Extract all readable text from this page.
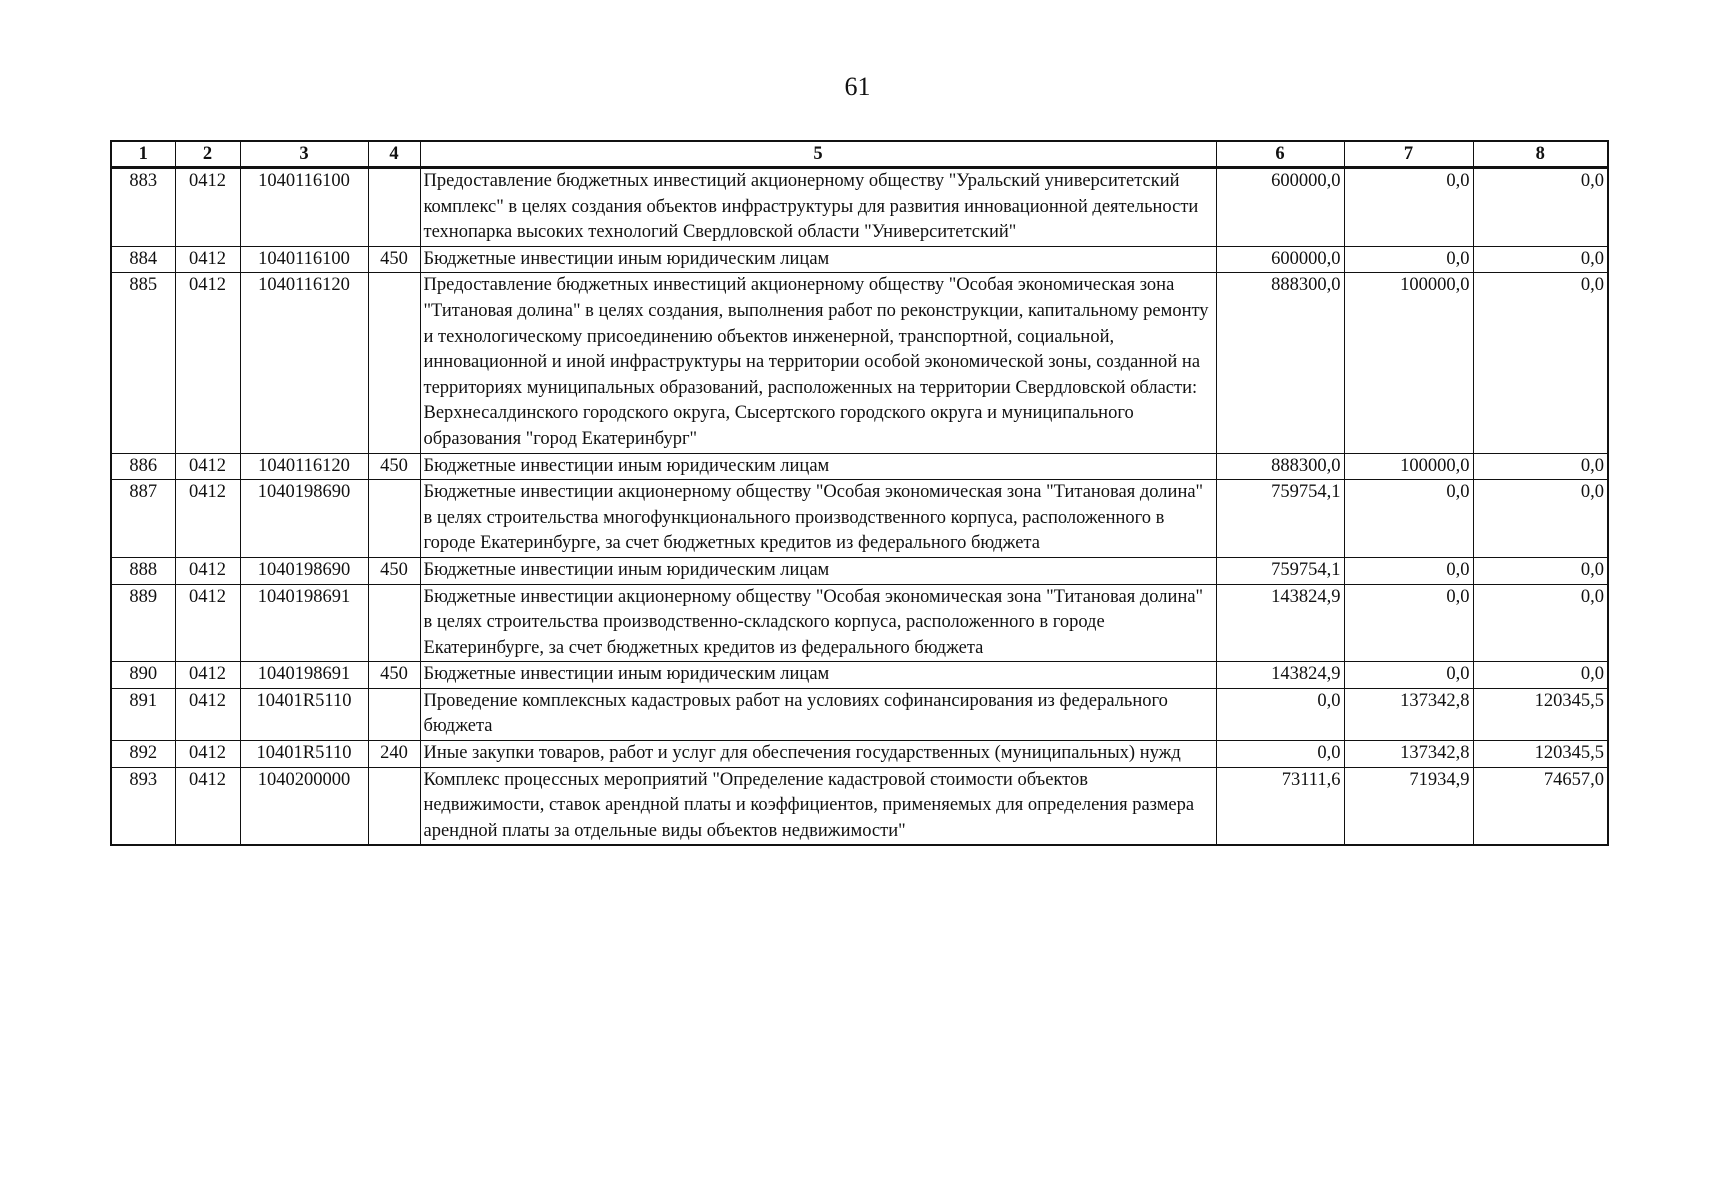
61
1	2	3	4	5	6	7	8
883	0412	1040116100		Предоставление бюджетных инвестиций акционерному обществу "Уральский университетский комплекс" в целях создания объектов инфраструктуры для развития инновационной деятельности технопарка высоких технологий Свердловской области "Университетский"	600000,0	0,0	0,0
884	0412	1040116100	450	Бюджетные инвестиции иным юридическим лицам	600000,0	0,0	0,0
885	0412	1040116120		Предоставление бюджетных инвестиций акционерному обществу "Особая экономическая зона "Титановая долина" в целях создания, выполнения работ по реконструкции, капитальному ремонту и технологическому присоединению объектов инженерной, транспортной, социальной, инновационной и иной инфраструктуры на территории особой экономической зоны, созданной на территориях муниципальных образований, расположенных на территории Свердловской области: Верхнесалдинского городского округа, Сысертского городского округа и муниципального образования "город Екатеринбург"	888300,0	100000,0	0,0
886	0412	1040116120	450	Бюджетные инвестиции иным юридическим лицам	888300,0	100000,0	0,0
887	0412	1040198690		Бюджетные инвестиции акционерному обществу "Особая экономическая зона "Титановая долина" в целях строительства многофункционального производственного корпуса, расположенного в городе Екатеринбурге, за счет бюджетных кредитов из федерального бюджета	759754,1	0,0	0,0
888	0412	1040198690	450	Бюджетные инвестиции иным юридическим лицам	759754,1	0,0	0,0
889	0412	1040198691		Бюджетные инвестиции акционерному обществу "Особая экономическая зона "Титановая долина" в целях строительства производственно-складского корпуса, расположенного в городе Екатеринбурге, за счет бюджетных кредитов из федерального бюджета	143824,9	0,0	0,0
890	0412	1040198691	450	Бюджетные инвестиции иным юридическим лицам	143824,9	0,0	0,0
891	0412	10401R5110		Проведение комплексных кадастровых работ на условиях софинансирования из федерального бюджета	0,0	137342,8	120345,5
892	0412	10401R5110	240	Иные закупки товаров, работ и услуг для обеспечения государственных (муниципальных) нужд	0,0	137342,8	120345,5
893	0412	1040200000		Комплекс процессных мероприятий "Определение кадастровой стоимости объектов недвижимости, ставок арендной платы и коэффициентов, применяемых для определения размера арендной платы за отдельные виды объектов недвижимости"	73111,6	71934,9	74657,0
